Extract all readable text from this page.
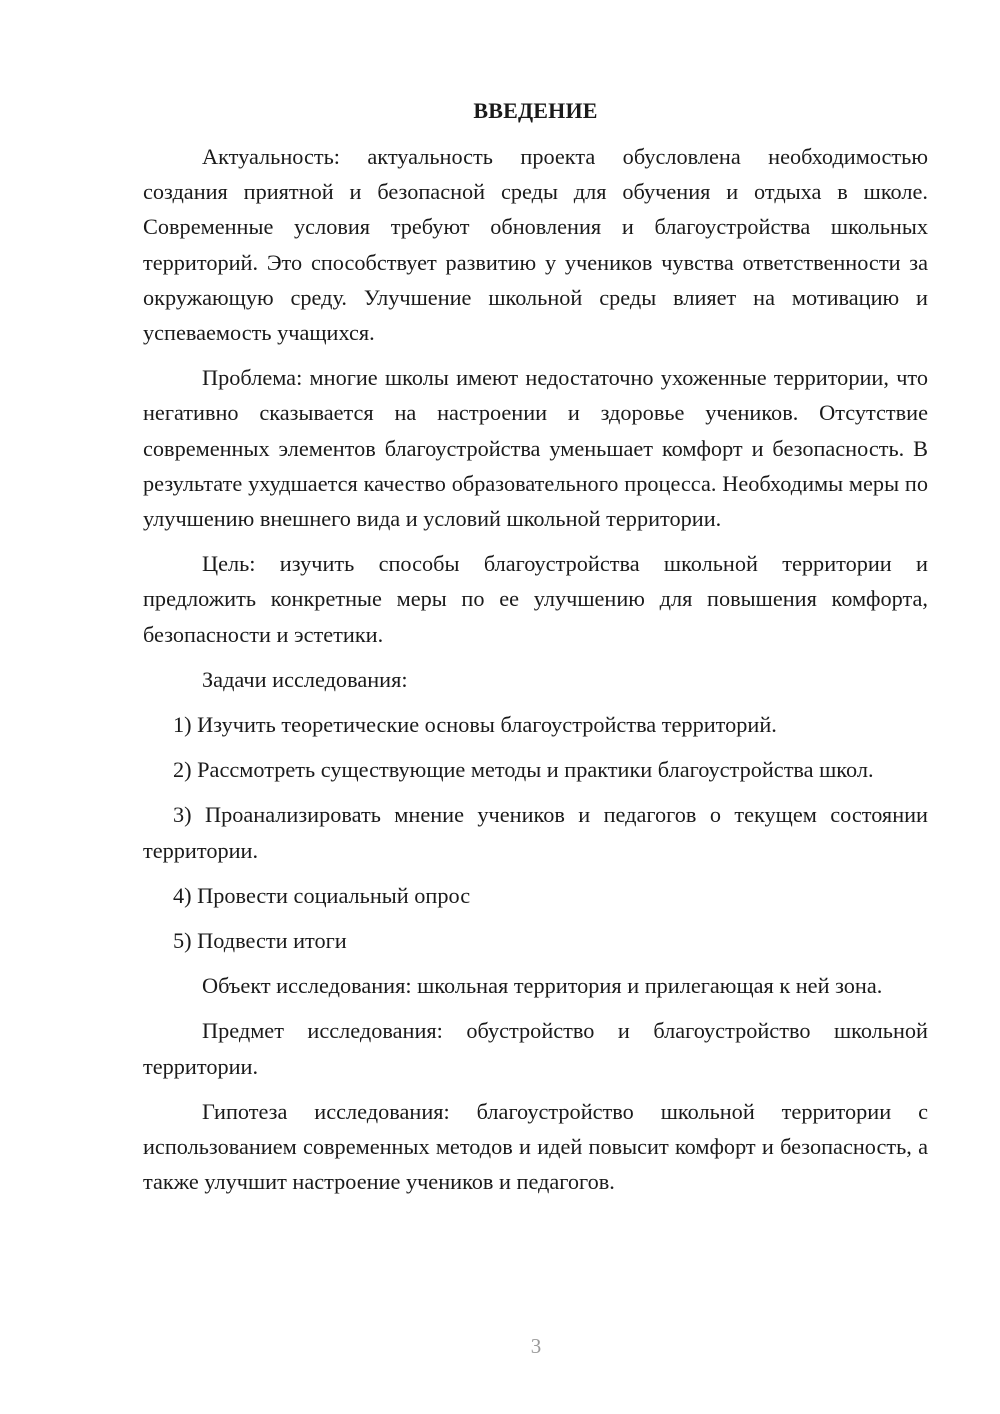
ВВЕДЕНИЕ

Актуальность: актуальность проекта обусловлена необходимостью создания приятной и безопасной среды для обучения и отдыха в школе. Современные условия требуют обновления и благоустройства школьных территорий. Это способствует развитию у учеников чувства ответственности за окружающую среду. Улучшение школьной среды влияет на мотивацию и успеваемость учащихся.

Проблема: многие школы имеют недостаточно ухоженные территории, что негативно сказывается на настроении и здоровье учеников. Отсутствие современных элементов благоустройства уменьшает комфорт и безопасность. В результате ухудшается качество образовательного процесса. Необходимы меры по улучшению внешнего вида и условий школьной территории.

Цель: изучить способы благоустройства школьной территории и предложить конкретные меры по ее улучшению для повышения комфорта, безопасности и эстетики.

Задачи исследования:

1) Изучить теоретические основы благоустройства территорий.

2) Рассмотреть существующие методы и практики благоустройства школ.

3) Проанализировать мнение учеников и педагогов о текущем состоянии территории.

4) Провести социальный опрос

5) Подвести итоги

Объект исследования: школьная территория и прилегающая к ней зона.

Предмет исследования: обустройство и благоустройство школьной территории.

Гипотеза исследования: благоустройство школьной территории с использованием современных методов и идей повысит комфорт и безопасность, а также улучшит настроение учеников и педагогов.

3
